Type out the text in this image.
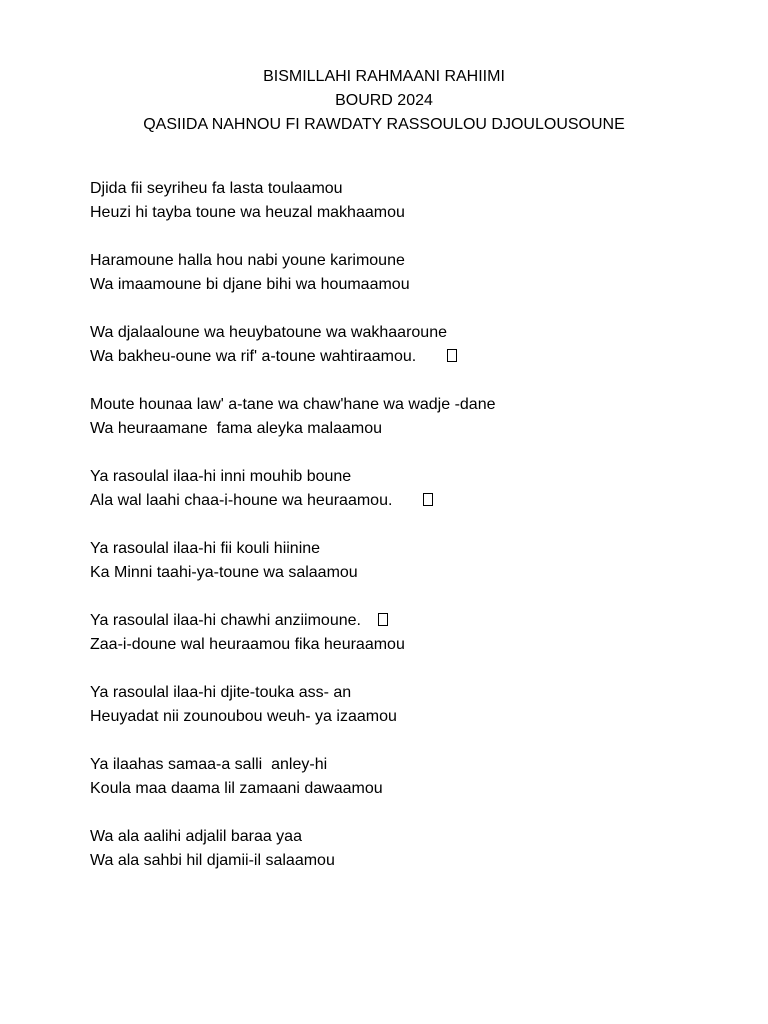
BISMILLAHI RAHMAANI RAHIIMI
BOURD 2024
QASIIDA NAHNOU FI RAWDATY RASSOULOU DJOULOUSOUNE
Djida fii seyriheu fa lasta toulaamou
Heuzi hi tayba toune wa heuzal makhaamou
Haramoune halla hou nabi youne karimoune
Wa imaamoune bi djane bihi wa houmaamou
Wa djalaaloune wa heuybatoune wa wakhaaroune
Wa bakheu-oune wa rif' a-toune wahtiraamou.
Moute hounaa law' a-tane wa chaw'hane wa wadje -dane
Wa heuraamane  fama aleyka malaamou
Ya rasoulal ilaa-hi inni mouhib boune
Ala wal laahi chaa-i-houne wa heuraamou.
Ya rasoulal ilaa-hi fii kouli hiinine
Ka Minni taahi-ya-toune wa salaamou
Ya rasoulal ilaa-hi chawhi anziimoune.
Zaa-i-doune wal heuraamou fika heuraamou
Ya rasoulal ilaa-hi djite-touka ass- an
Heuyadat nii zounoubou weuh- ya izaamou
Ya ilaahas samaa-a salli  anley-hi
Koula maa daama lil zamaani dawaamou
Wa ala aalihi adjalil baraa yaa
Wa ala sahbi hil djamii-il salaamou
